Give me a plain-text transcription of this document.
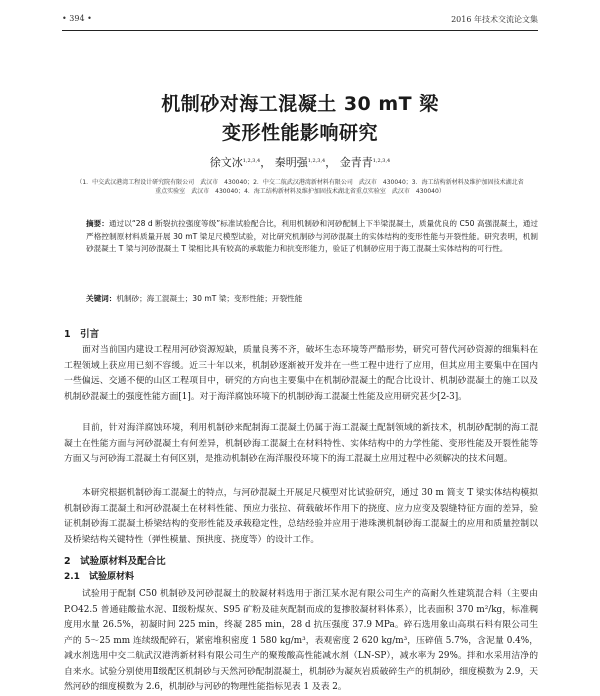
• 394 •	2016 年技术交流论文集
机制砂对海工混凝土 30 mT 梁
变形性能影响研究
徐文冰$^{1,2,3,4}$， 秦明强$^{1,2,3,4}$， 金青青$^{1,2,3,4}$
（1．中交武汉港湾工程设计研究院有限公司　武汉市　430040；2．中交二航武汉港湾新材料有限公司　武汉市　430040；3．海工结构新材料及维护加固技术湖北省重点实验室　武汉市　430040；4．海工结构新材料及维护加固技术湖北省重点实验室　武汉市　430040）
摘要：通过以“28 d 断裂抗拉强度等级”标准试验配合比，利用机制砂和河砂配制上下半梁混凝土，质量优良的 C50 高强混凝土，通过严格控制原材料质量开展 30 mT 梁足尺模型试验，对比研究机制砂与河砂混凝土的实体结构的变形性能与开裂性能。研究表明，机制砂混凝土 T 梁与河砂混凝土 T 梁相比具有较高的承载能力和抗变形能力，验证了机制砂应用于海工混凝土实体结构的可行性。
关键词：机制砂；海工混凝土；30 mT 梁；变形性能；开裂性能
1　引言

面对当前国内建设工程用河砂资源短缺，质量良莠不齐，破坏生态环境等严酷形势，研究可替代河砂资源的细集料在工程领域上获应用已刻不容缓。近三十年以来，机制砂逐渐被开发并在一些工程中进行了应用，但其应用主要集中在国内一些偏远、交通不便的山区工程项目中，研究的方向也主要集中在机制砂混凝土的配合比设计、机制砂混凝土的施工以及机制砂混凝土的强度性能方面[1]。对于海洋腐蚀环境下的机制砂海工混凝土性能及应用研究甚少[2-3]。

目前，针对海洋腐蚀环境，利用机制砂来配制海工混凝土仍属于海工混凝土配制领域的新技术，机制砂配制的海工混凝土在性能方面与河砂混凝土有何差异，机制砂海工混凝土在材料特性、实体结构中的力学性能、变形性能及开裂性能等方面又与河砂海工混凝土有何区别，是推动机制砂在海洋服役环境下的海工混凝土应用过程中必须解决的技术问题。

本研究根据机制砂海工混凝土的特点，与河砂混凝土开展足尺模型对比试验研究，通过 30 m 简支 T 梁实体结构模拟机制砂海工混凝土和河砂混凝土在材料性能、预应力张拉、荷载破坏作用下的挠度、应力应变及裂缝特征方面的差异，验证机制砂海工混凝土桥梁结构的变形性能及承载稳定性，总结经验并应用于港珠澳机制砂海工混凝土的应用和质量控制以及桥梁结构关键特性（弹性模量、预拱度、挠度等）的设计工作。

2　试验原材料及配合比
2.1　试验原材料

试验用于配制 C50 机制砂及河砂混凝土的胶凝材料选用于浙江某水泥有限公司生产的高耐久性建筑混合料（主要由 P.O42.5 普通硅酸盐水泥、Ⅱ级粉煤灰、S95 矿粉及硅灰配制而成的复掺胶凝材料体系），比表面积 370 m²/kg，标准稠度用水量 26.5%，初凝时间 225 min，终凝 285 min，28 d 抗压强度 37.9 MPa。碎石选用象山高琪石料有限公司生产的 5～25 mm 连续级配碎石，紧密堆积密度 1 580 kg/m³，表观密度 2 620 kg/m³，压碎值 5.7%，含泥量 0.4%，减水剂选用中交二航武汉港湾新材料有限公司生产的聚羧酸高性能减水剂（LN-SP），减水率为 29%。拌和水采用洁净的自来水。试验分别使用Ⅱ级配区机制砂与天然河砂配制混凝土，机制砂为凝灰岩质破碎生产的机制砂，细度模数为 2.9，天然河砂的细度模数为 2.6，机制砂与河砂的物理性能指标见表 1 及表 2。
